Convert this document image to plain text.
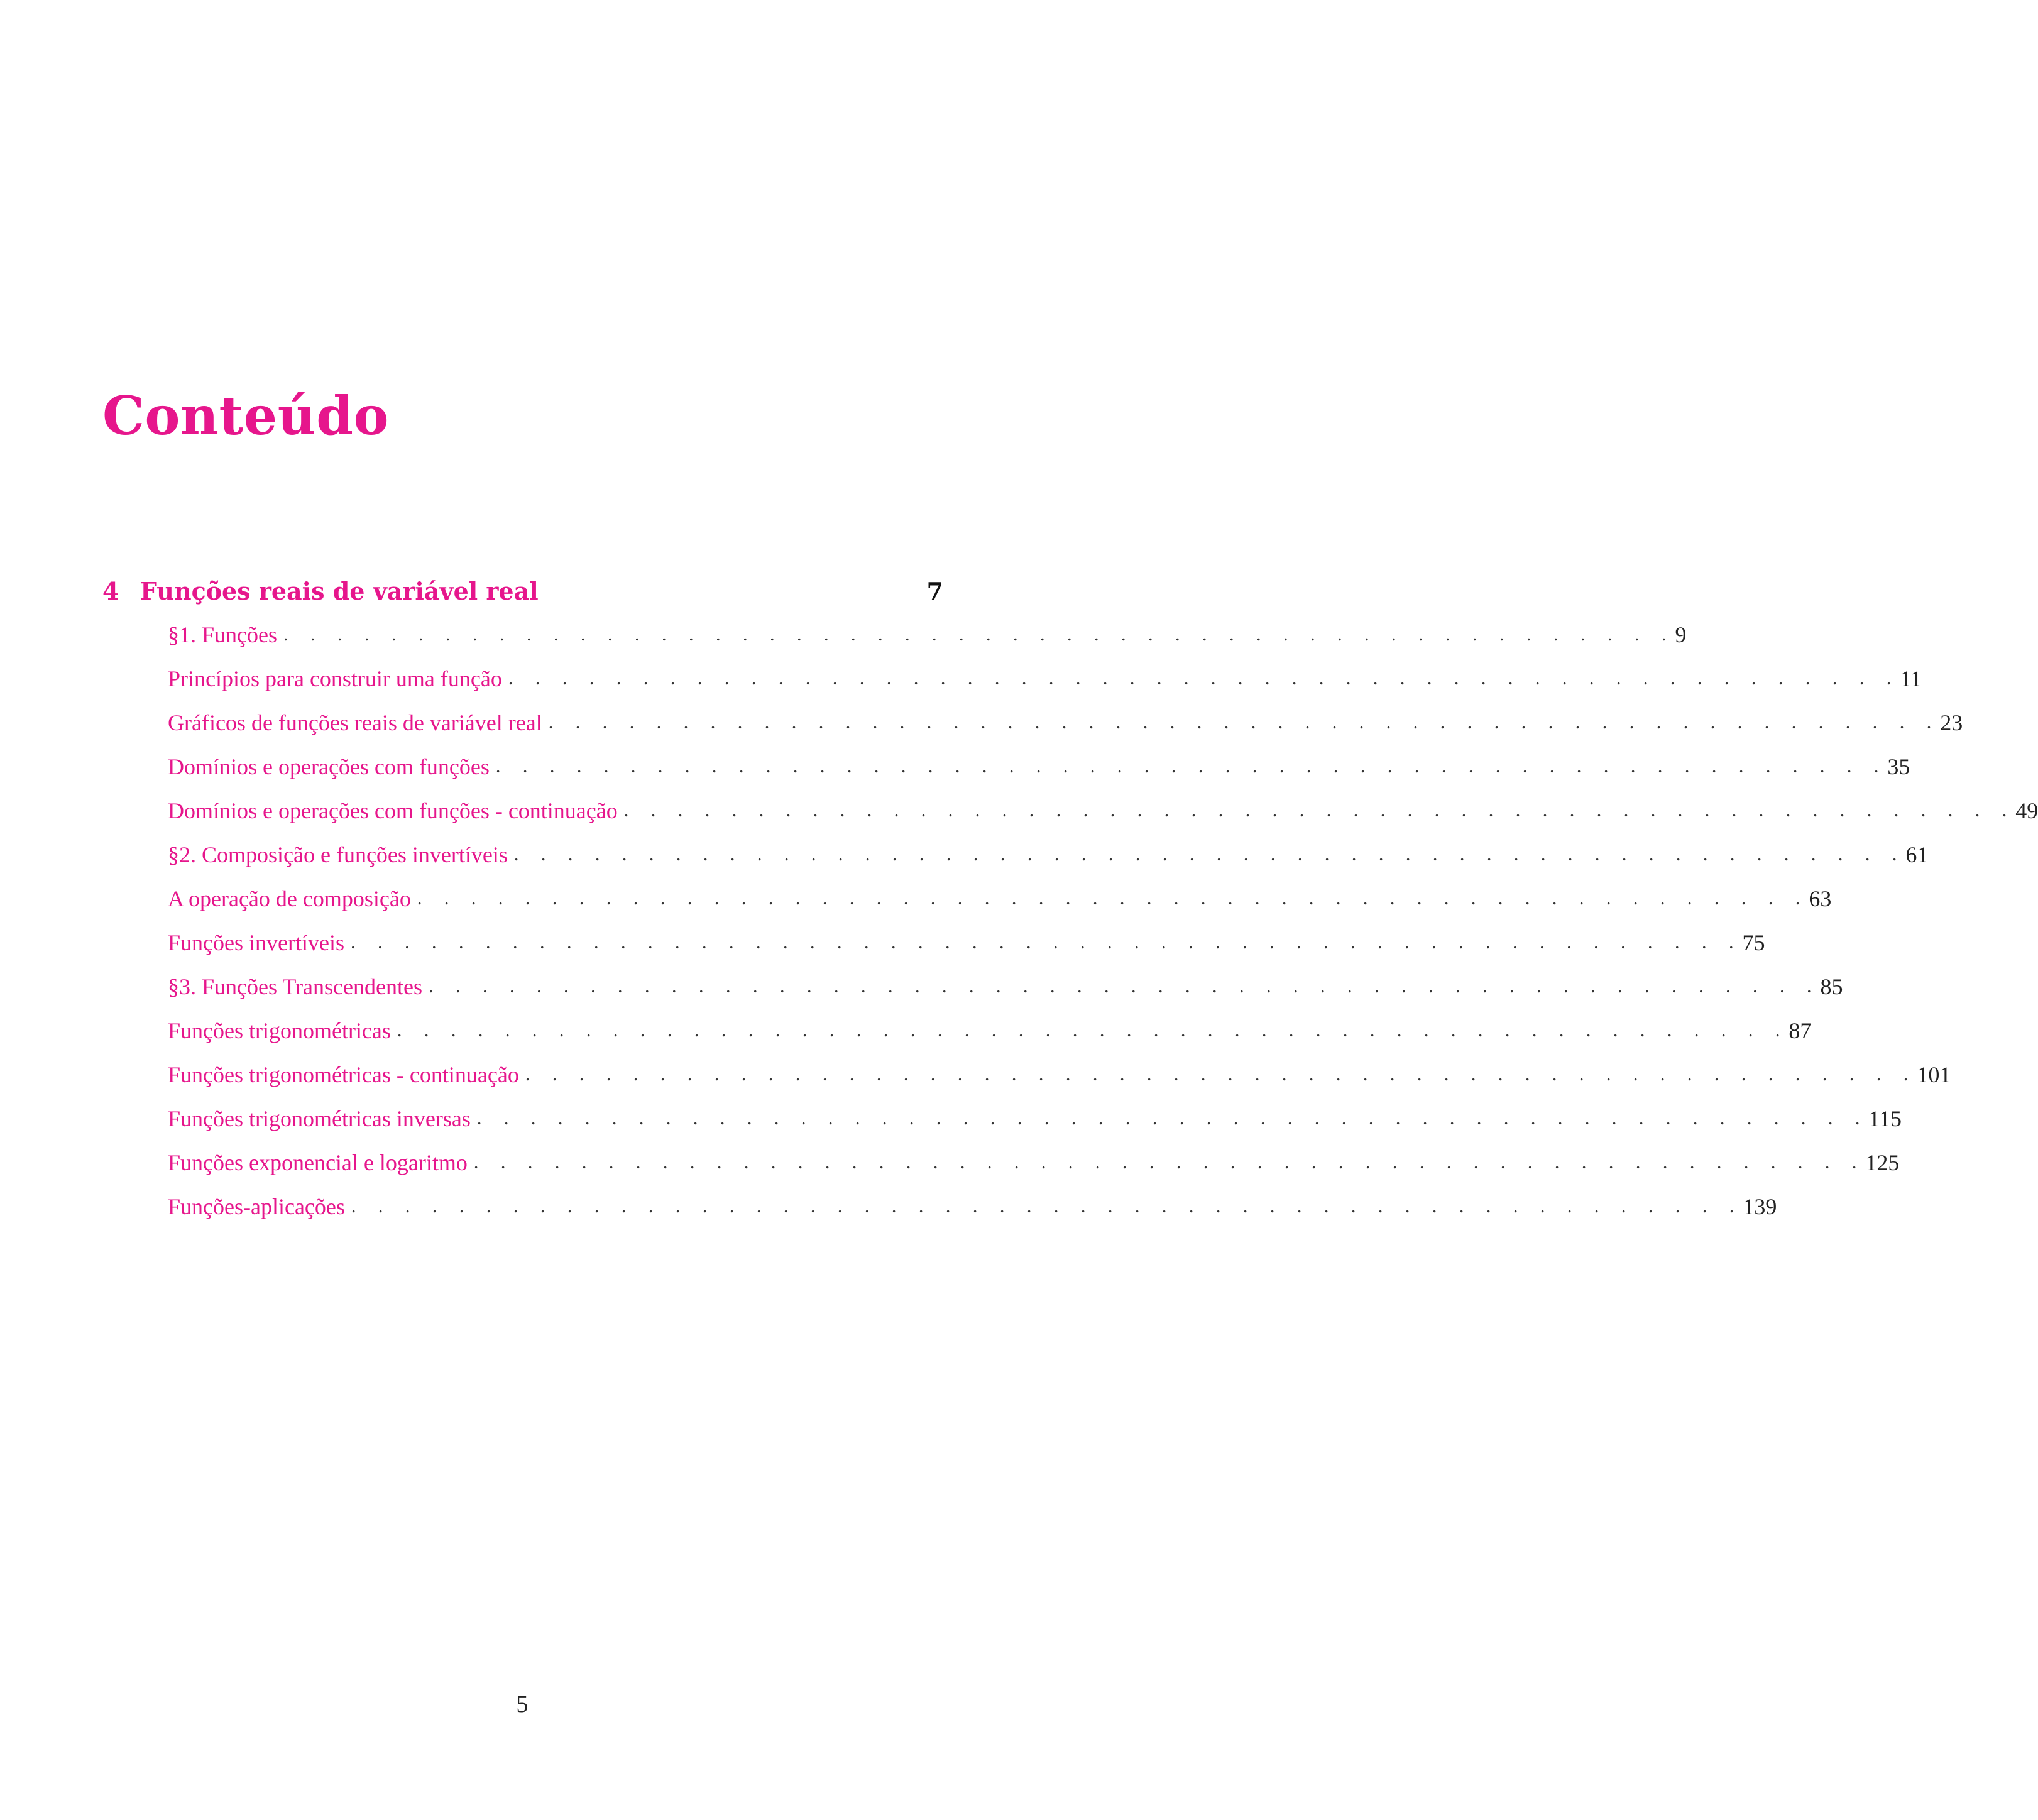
Conteúdo
4 Funções reais de variável real	7
§1. Funções . . . . . . . . . . . . . . . . . . . . . . . . . . . . . . . . . . . . . . . . . . . . . . . . . . . . 9
Princípios para construir uma função . . . . . . . . . . . . . . . . . . . . . . . . . . . . . . . . . . . . . . . . . . . . . . . . . . . . 11
Gráficos de funções reais de variável real . . . . . . . . . . . . . . . . . . . . . . . . . . . . . . . . . . . . . . . . . . . . . . . . . . . . 23
Domínios e operações com funções . . . . . . . . . . . . . . . . . . . . . . . . . . . . . . . . . . . . . . . . . . . . . . . . . . . . 35
Domínios e operações com funções - continuação . . . . . . . . . . . . . . . . . . . . . . . . . . . . . . . . . . . . . . . . . . . . . . . . . . . . 49
§2. Composição e funções invertíveis . . . . . . . . . . . . . . . . . . . . . . . . . . . . . . . . . . . . . . . . . . . . . . . . . . . . 61
A operação de composição . . . . . . . . . . . . . . . . . . . . . . . . . . . . . . . . . . . . . . . . . . . . . . . . . . . . 63
Funções invertíveis . . . . . . . . . . . . . . . . . . . . . . . . . . . . . . . . . . . . . . . . . . . . . . . . . . . . 75
§3. Funções Transcendentes . . . . . . . . . . . . . . . . . . . . . . . . . . . . . . . . . . . . . . . . . . . . . . . . . . . . 85
Funções trigonométricas . . . . . . . . . . . . . . . . . . . . . . . . . . . . . . . . . . . . . . . . . . . . . . . . . . . . 87
Funções trigonométricas - continuação . . . . . . . . . . . . . . . . . . . . . . . . . . . . . . . . . . . . . . . . . . . . . . . . . . . . 101
Funções trigonométricas inversas . . . . . . . . . . . . . . . . . . . . . . . . . . . . . . . . . . . . . . . . . . . . . . . . . . . . 115
Funções exponencial e logaritmo . . . . . . . . . . . . . . . . . . . . . . . . . . . . . . . . . . . . . . . . . . . . . . . . . . . . 125
Funções-aplicações . . . . . . . . . . . . . . . . . . . . . . . . . . . . . . . . . . . . . . . . . . . . . . . . . . . . 139
5
